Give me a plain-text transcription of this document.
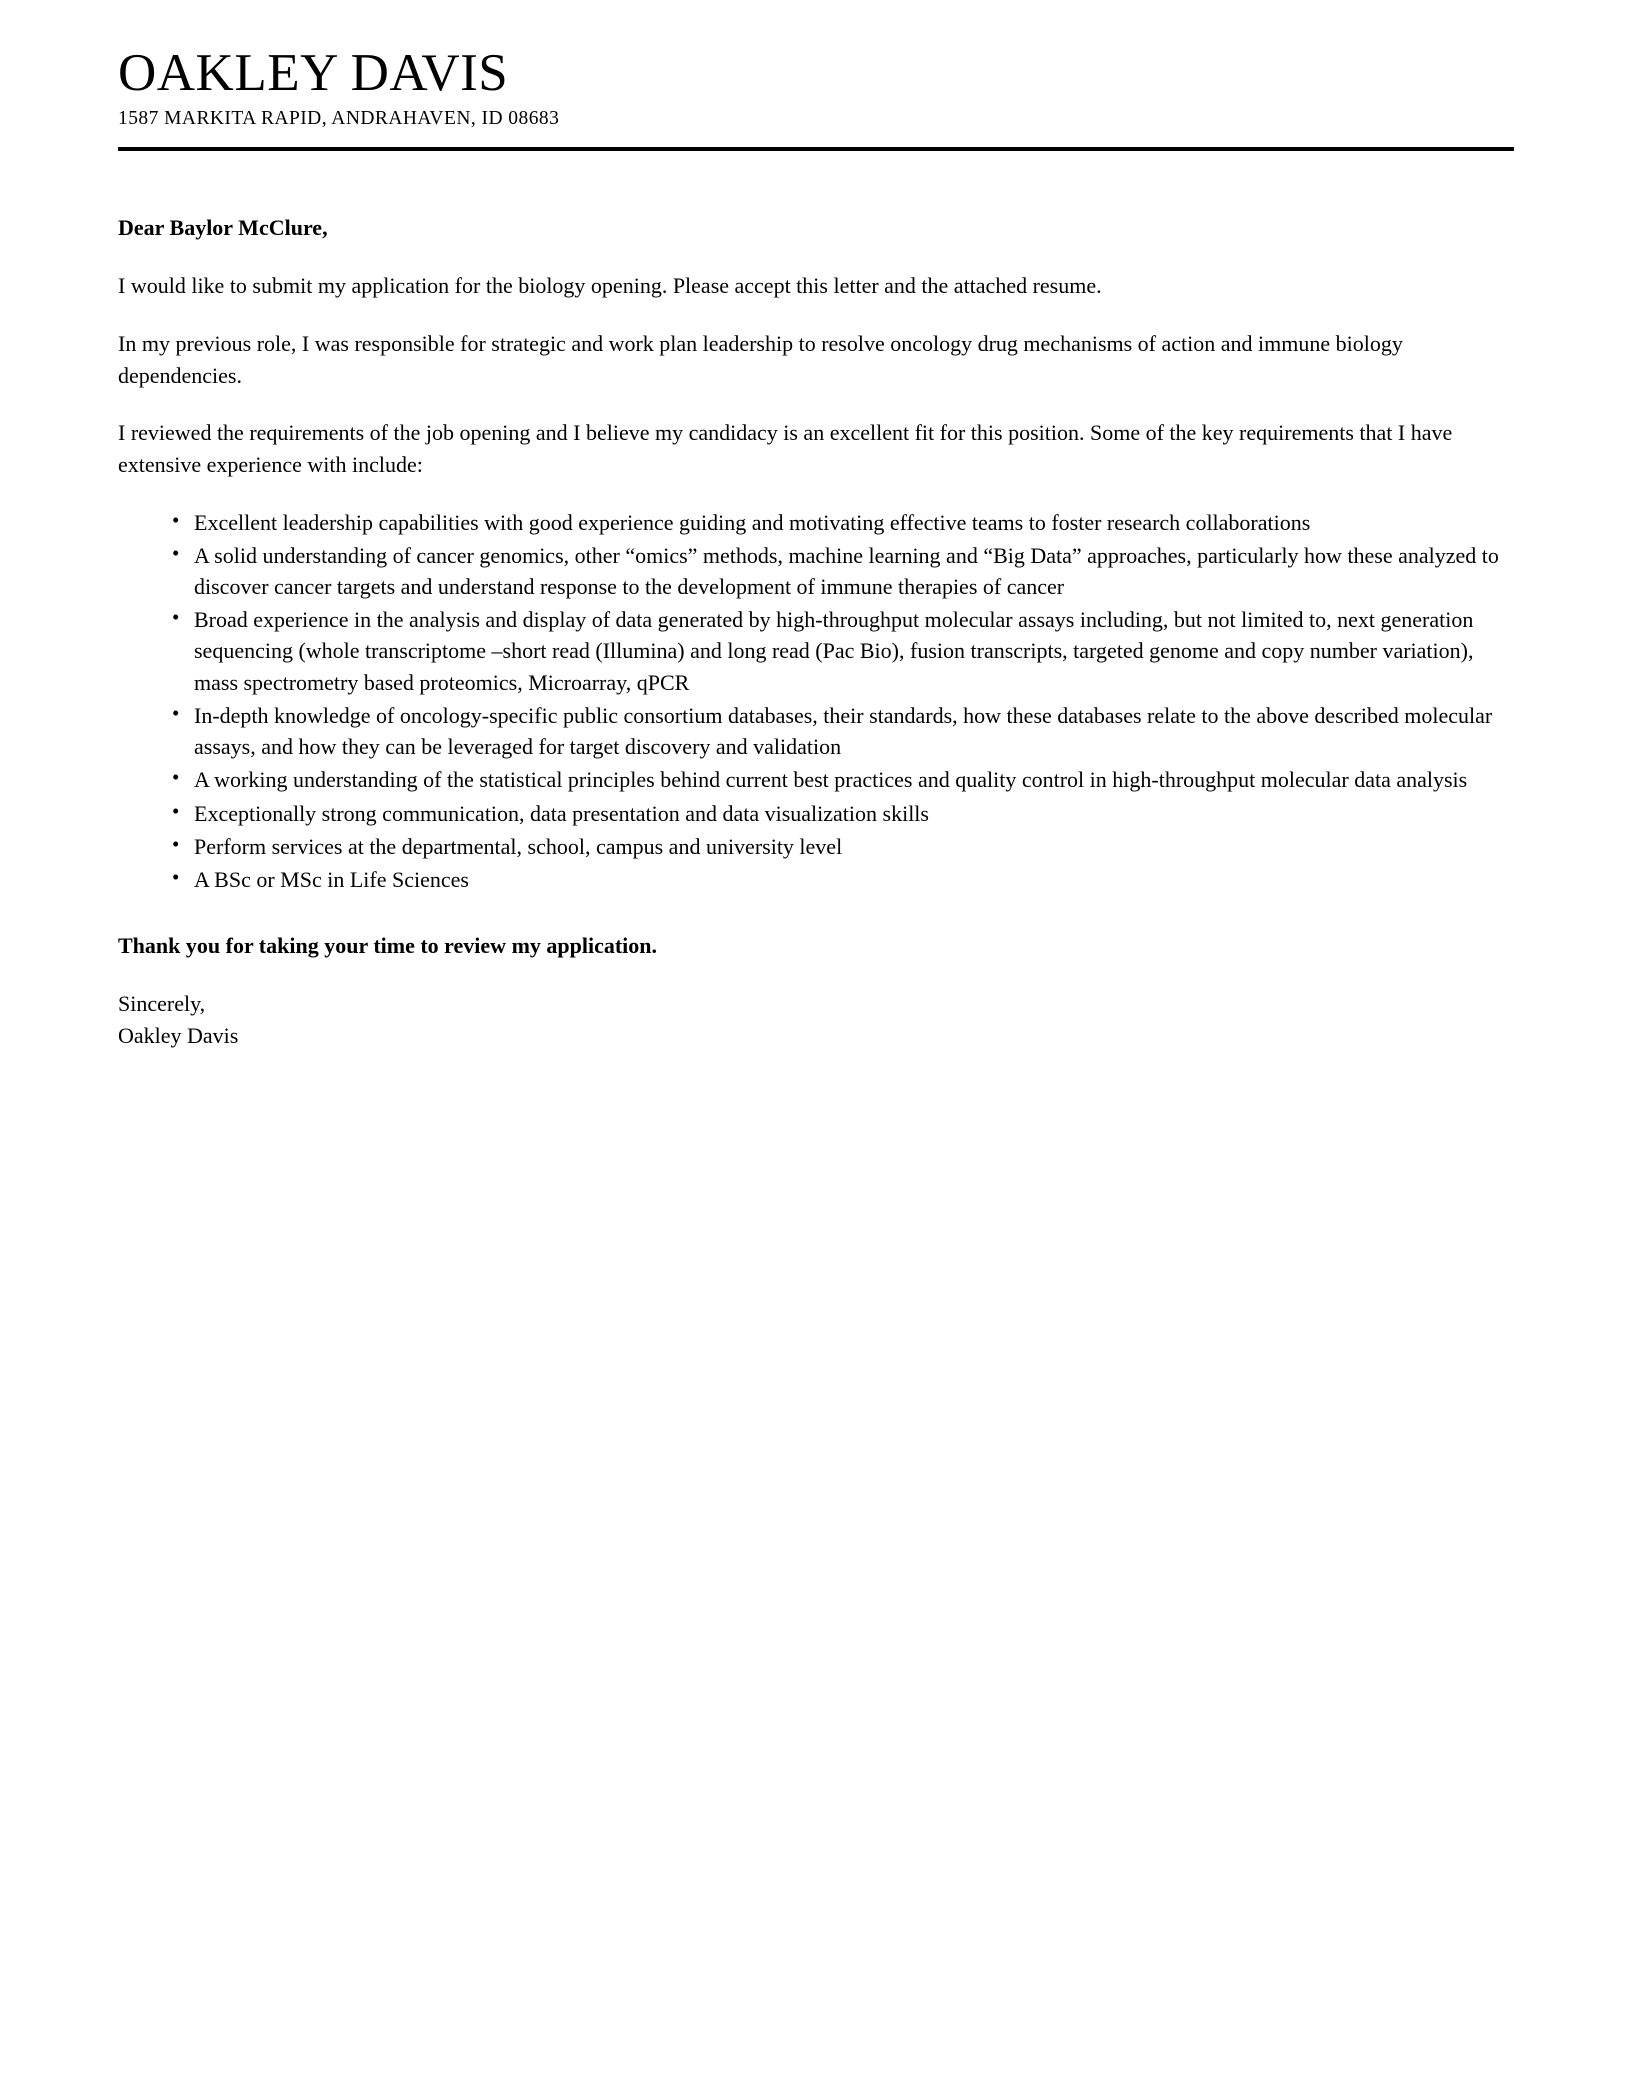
OAKLEY DAVIS
1587 MARKITA RAPID, ANDRAHAVEN, ID 08683
Dear Baylor McClure,

I would like to submit my application for the biology opening. Please accept this letter and the attached resume.

In my previous role, I was responsible for strategic and work plan leadership to resolve oncology drug mechanisms of action and immune biology dependencies.

I reviewed the requirements of the job opening and I believe my candidacy is an excellent fit for this position. Some of the key requirements that I have extensive experience with include:

• Excellent leadership capabilities with good experience guiding and motivating effective teams to foster research collaborations
• A solid understanding of cancer genomics, other “omics” methods, machine learning and “Big Data” approaches, particularly how these analyzed to discover cancer targets and understand response to the development of immune therapies of cancer
• Broad experience in the analysis and display of data generated by high-throughput molecular assays including, but not limited to, next generation sequencing (whole transcriptome –short read (Illumina) and long read (Pac Bio), fusion transcripts, targeted genome and copy number variation), mass spectrometry based proteomics, Microarray, qPCR
• In-depth knowledge of oncology-specific public consortium databases, their standards, how these databases relate to the above described molecular assays, and how they can be leveraged for target discovery and validation
• A working understanding of the statistical principles behind current best practices and quality control in high-throughput molecular data analysis
• Exceptionally strong communication, data presentation and data visualization skills
• Perform services at the departmental, school, campus and university level
• A BSc or MSc in Life Sciences
Thank you for taking your time to review my application.
Sincerely,
Oakley Davis
